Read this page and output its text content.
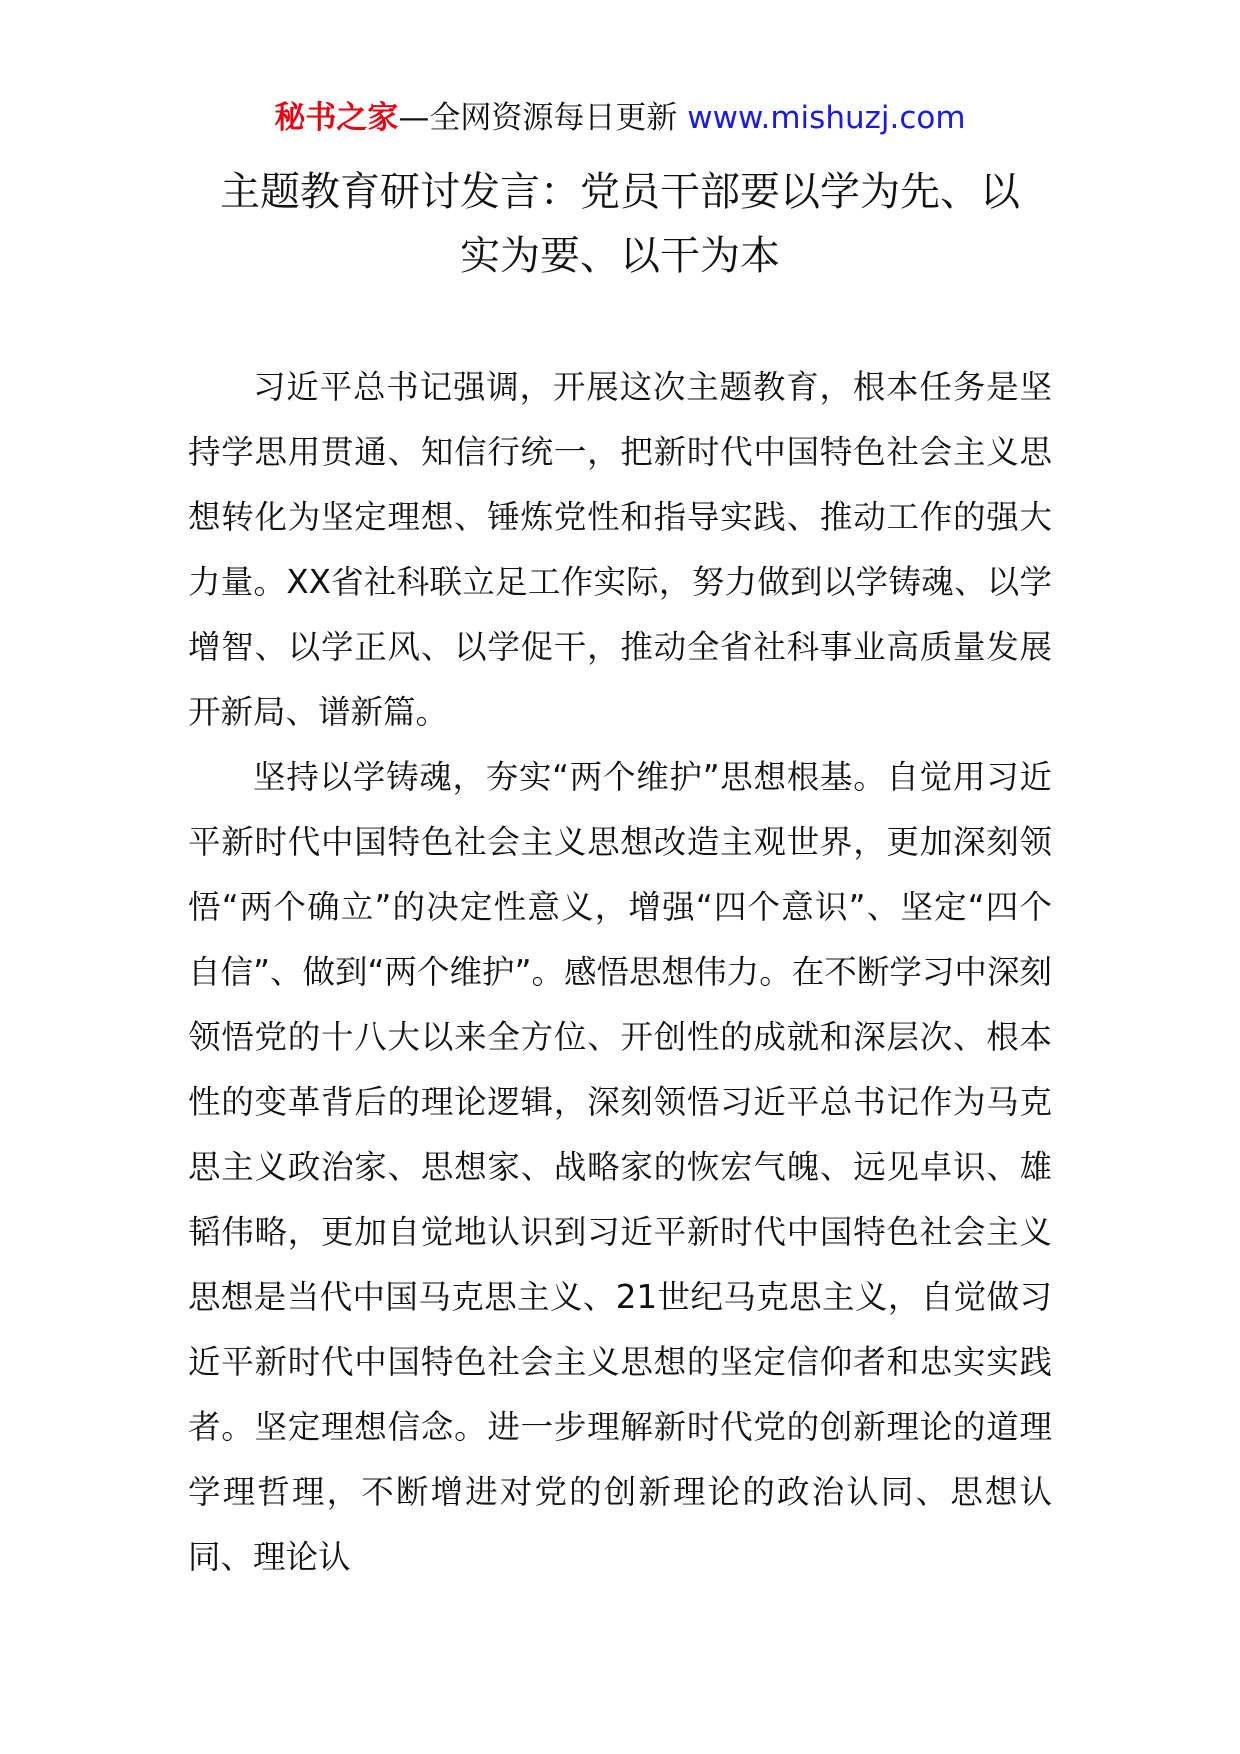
秘书之家—全网资源每日更新 www.mishuzj.com
主题教育研讨发言：党员干部要以学为先、以
实为要、以干为本

习近平总书记强调，开展这次主题教育，根本任务是坚持学思用贯通、知信行统一，把新时代中国特色社会主义思想转化为坚定理想、锤炼党性和指导实践、推动工作的强大力量。XX省社科联立足工作实际，努力做到以学铸魂、以学增智、以学正风、以学促干，推动全省社科事业高质量发展开新局、谱新篇。

坚持以学铸魂，夯实“两个维护”思想根基。自觉用习近平新时代中国特色社会主义思想改造主观世界，更加深刻领悟“两个确立”的决定性意义，增强“四个意识”、坚定“四个自信”、做到“两个维护”。感悟思想伟力。在不断学习中深刻领悟党的十八大以来全方位、开创性的成就和深层次、根本性的变革背后的理论逻辑，深刻领悟习近平总书记作为马克思主义政治家、思想家、战略家的恢宏气魄、远见卓识、雄韬伟略，更加自觉地认识到习近平新时代中国特色社会主义思想是当代中国马克思主义、21世纪马克思主义，自觉做习近平新时代中国特色社会主义思想的坚定信仰者和忠实实践者。坚定理想信念。进一步理解新时代党的创新理论的道理学理哲理，不断增进对党的创新理论的政治认同、思想认同、理论认
